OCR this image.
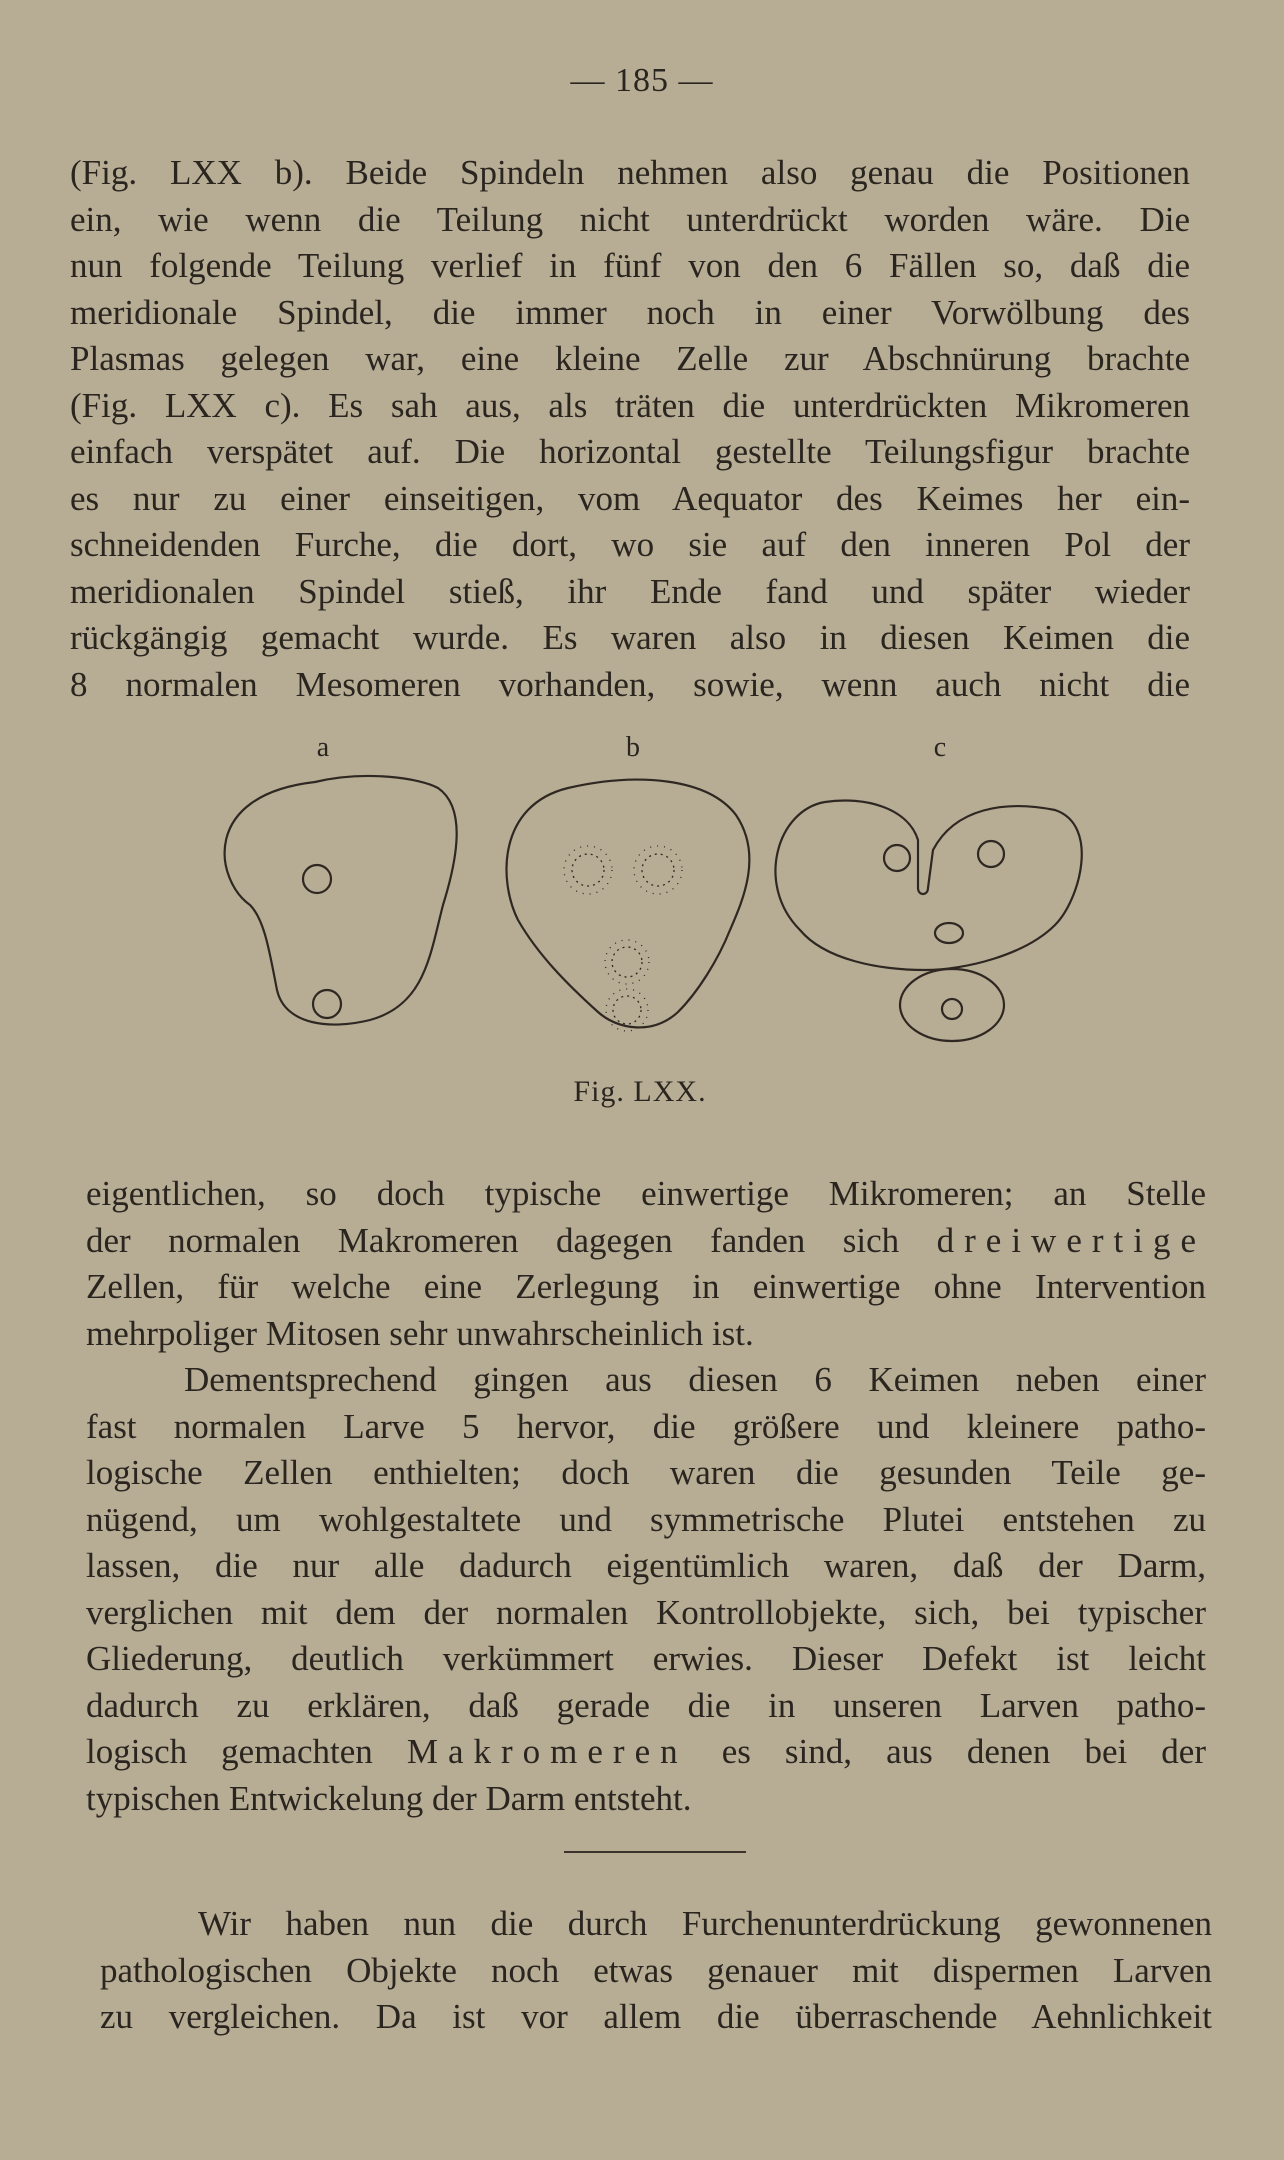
— 185 —
(Fig. LXX b). Beide Spindeln nehmen also genau die Positionen
ein, wie wenn die Teilung nicht unterdrückt worden wäre. Die
nun folgende Teilung verlief in fünf von den 6 Fällen so, daß die
meridionale Spindel, die immer noch in einer Vorwölbung des
Plasmas gelegen war, eine kleine Zelle zur Abschnürung brachte
(Fig. LXX c). Es sah aus, als träten die unterdrückten Mikromeren
einfach verspätet auf. Die horizontal gestellte Teilungsfigur brachte
es nur zu einer einseitigen, vom Aequator des Keimes her ein-
schneidenden Furche, die dort, wo sie auf den inneren Pol der
meridionalen Spindel stieß, ihr Ende fand und später wieder
rückgängig gemacht wurde. Es waren also in diesen Keimen die
8 normalen Mesomeren vorhanden, sowie, wenn auch nicht die
a	b	c
Fig. LXX.
eigentlichen, so doch typische einwertige Mikromeren; an Stelle
der normalen Makromeren dagegen fanden sich dreiwertige
Zellen, für welche eine Zerlegung in einwertige ohne Intervention
mehrpoliger Mitosen sehr unwahrscheinlich ist.
Dementsprechend gingen aus diesen 6 Keimen neben einer
fast normalen Larve 5 hervor, die größere und kleinere patho-
logische Zellen enthielten; doch waren die gesunden Teile ge-
nügend, um wohlgestaltete und symmetrische Plutei entstehen zu
lassen, die nur alle dadurch eigentümlich waren, daß der Darm,
verglichen mit dem der normalen Kontrollobjekte, sich, bei typischer
Gliederung, deutlich verkümmert erwies. Dieser Defekt ist leicht
dadurch zu erklären, daß gerade die in unseren Larven patho-
logisch gemachten Makromeren es sind, aus denen bei der
typischen Entwickelung der Darm entsteht.
Wir haben nun die durch Furchenunterdrückung gewonnenen
pathologischen Objekte noch etwas genauer mit dispermen Larven
zu vergleichen. Da ist vor allem die überraschende Aehnlichkeit
